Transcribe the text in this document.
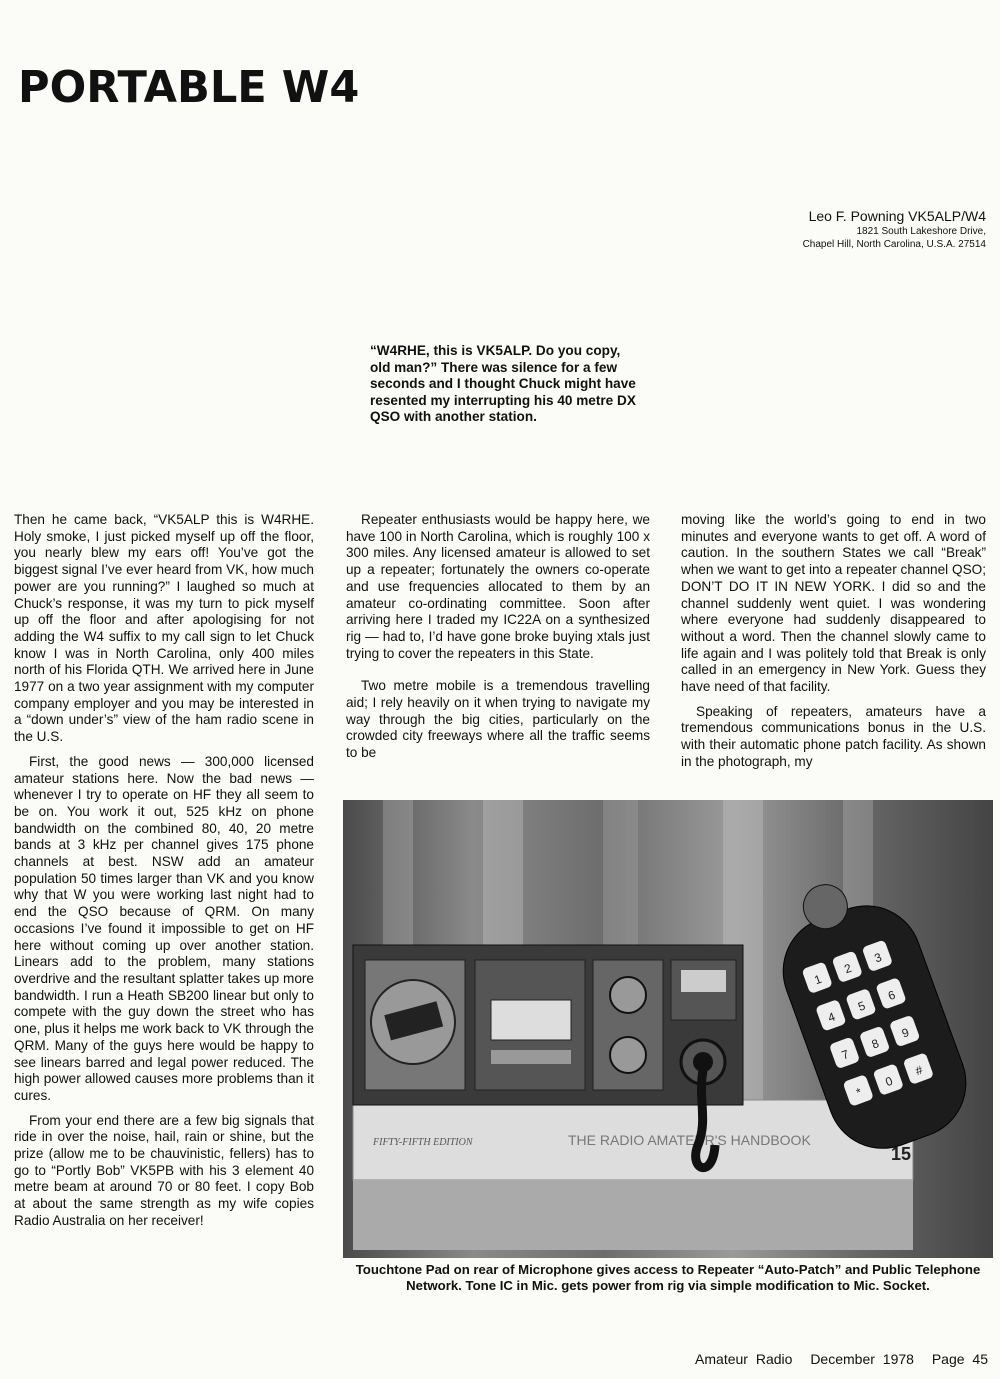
PORTABLE W4
Leo F. Powning VK5ALP/W4
1821 South Lakeshore Drive,
Chapel Hill, North Carolina, U.S.A. 27514
“W4RHE, this is VK5ALP. Do you copy, old man?” There was silence for a few seconds and I thought Chuck might have resented my interrupting his 40 metre DX QSO with another station.

Then he came back, “VK5ALP this is W4RHE. Holy smoke, I just picked myself up off the floor, you nearly blew my ears off! You’ve got the biggest signal I’ve ever heard from VK, how much power are you running?” I laughed so much at Chuck’s response, it was my turn to pick myself up off the floor and after apologising for not adding the W4 suffix to my call sign to let Chuck know I was in North Carolina, only 400 miles north of his Florida QTH. We arrived here in June 1977 on a two year assignment with my computer company employer and you may be interested in a “down under’s” view of the ham radio scene in the U.S.

First, the good news — 300,000 licensed amateur stations here. Now the bad news — whenever I try to operate on HF they all seem to be on. You work it out, 525 kHz on phone bandwidth on the combined 80, 40, 20 metre bands at 3 kHz per channel gives 175 phone channels at best. NSW add an amateur population 50 times larger than VK and you know why that W you were working last night had to end the QSO because of QRM. On many occasions I’ve found it impossible to get on HF here without coming up over another station. Linears add to the problem, many stations overdrive and the resultant splatter takes up more bandwidth. I run a Heath SB200 linear but only to compete with the guy down the street who has one, plus it helps me work back to VK through the QRM. Many of the guys here would be happy to see linears barred and legal power reduced. The high power allowed causes more problems than it cures.

From your end there are a few big signals that ride in over the noise, hail, rain or shine, but the prize (allow me to be chauvinistic, fellers) has to go to “Portly Bob” VK5PB with his 3 element 40 metre beam at around 70 or 80 feet. I copy Bob at about the same strength as my wife copies Radio Australia on her receiver!

Repeater enthusiasts would be happy here, we have 100 in North Carolina, which is roughly 100 x 300 miles. Any licensed amateur is allowed to set up a repeater; fortunately the owners co-operate and use frequencies allocated to them by an amateur co-ordinating committee. Soon after arriving here I traded my IC22A on a synthesized rig — had to, I’d have gone broke buying xtals just trying to cover the repeaters in this State.

Two metre mobile is a tremendous travelling aid; I rely heavily on it when trying to navigate my way through the big cities, particularly on the crowded city freeways where all the traffic seems to be

moving like the world’s going to end in two minutes and everyone wants to get off. A word of caution. In the southern States we call “Break” when we want to get into a repeater channel QSO; DON’T DO IT IN NEW YORK. I did so and the channel suddenly went quiet. I was wondering where everyone had suddenly disappeared to without a word. Then the channel slowly came to life again and I was politely told that Break is only called in an emergency in New York. Guess they have need of that facility.

Speaking of repeaters, amateurs have a tremendous communications bonus in the U.S. with their automatic phone patch facility. As shown in the photograph, my

FIFTY-FIFTH EDITION	THE RADIO AMATEUR'S HANDBOOK
15
1
2
3
4
5
6
7
8
9
*
0
#
Touchtone Pad on rear of Microphone gives access to Repeater “Auto-Patch” and Public Telephone Network. Tone IC in Mic. gets power from rig via simple modification to Mic. Socket.
Amateur Radio December 1978 Page 45
